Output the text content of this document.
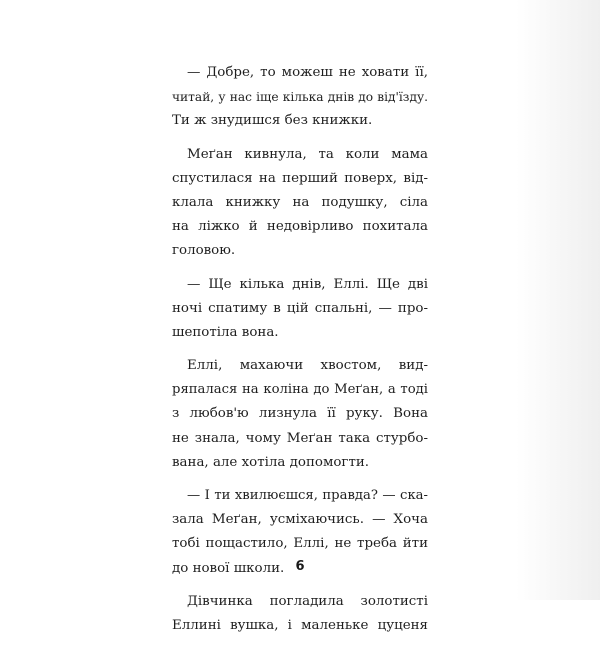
— Добре, то можеш не ховати її,
читай, у нас іще кілька днів до від'їзду.
Ти ж знудишся без книжки.
Меґан кивнула, та коли мама
спустилася на перший поверх, від-
клала книжку на подушку, сіла
на ліжко й недовірливо похитала
головою.
— Ще кілька днів, Еллі. Ще дві
ночі спатиму в цій спальні, — про-
шепотіла вона.
Еллі, махаючи хвостом, вид-
ряпалася на коліна до Меґан, а тоді
з любов'ю лизнула її руку. Вона
не знала, чому Меґан така стурбо-
вана, але хотіла допомогти.
— І ти хвилюєшся, правда? — ска-
зала Меґан, усміхаючись. — Хоча
тобі пощастило, Еллі, не треба йти
до нової школи.
Дівчинка погладила золотисті
Еллині вушка, і маленьке цуценя
6
